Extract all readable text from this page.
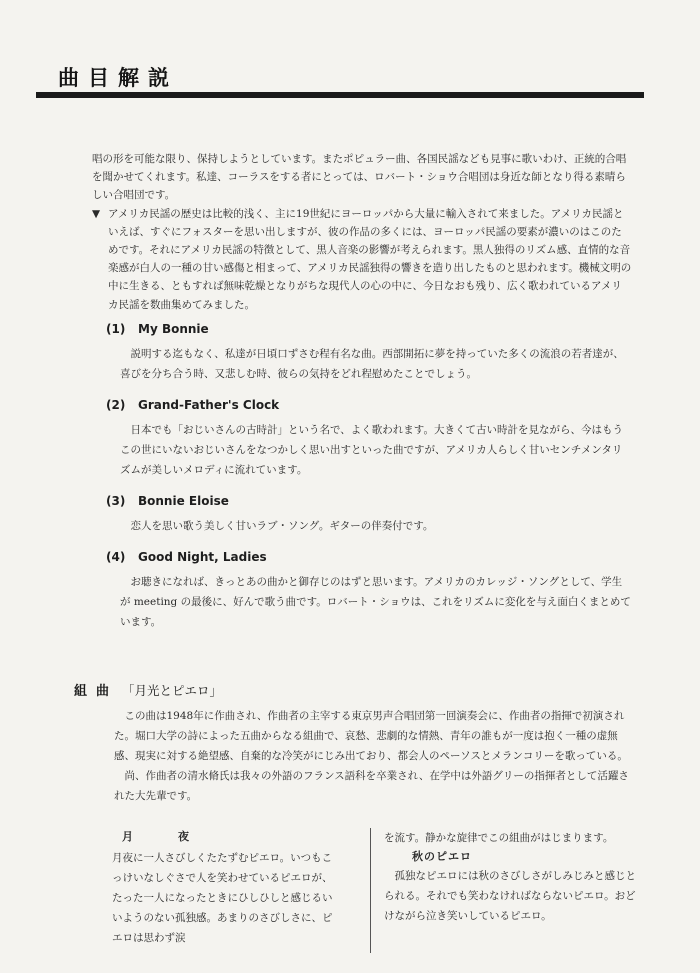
曲目解説

唱の形を可能な限り、保持しようとしています。またポピュラー曲、各国民謡なども見事に歌いわけ、正統的合唱を聞かせてくれます。私達、コーラスをする者にとっては、ロバート・ショウ合唱団は身近な師となり得る素晴らしい合唱団です。

▼ アメリカ民謡の歴史は比較的浅く、主に19世紀にヨーロッパから大量に輸入されて来ました。アメリカ民謡といえば、すぐにフォスターを思い出しますが、彼の作品の多くには、ヨーロッパ民謡の要素が濃いのはこのためです。それにアメリカ民謡の特徴として、黒人音楽の影響が考えられます。黒人独得のリズム感、直情的な音楽感が白人の一種の甘い感傷と相まって、アメリカ民謡独得の響きを造り出したものと思われます。機械文明の中に生きる、ともすれば無味乾燥となりがちな現代人の心の中に、今日なおも残り、広く歌われているアメリカ民謡を数曲集めてみました。

(1)	My Bonnie

説明する迄もなく、私達が日頃口ずさむ程有名な曲。西部開拓に夢を持っていた多くの流浪の若者達が、喜びを分ち合う時、又悲しむ時、彼らの気持をどれ程慰めたことでしょう。

(2)	Grand-Father's Clock

日本でも「おじいさんの古時計」という名で、よく歌われます。大きくて古い時計を見ながら、今はもうこの世にいないおじいさんをなつかしく思い出すといった曲ですが、アメリカ人らしく甘いセンチメンタリズムが美しいメロディに流れています。

(3)	Bonnie Eloise

恋人を思い歌う美しく甘いラブ・ソング。ギターの伴奏付です。

(4)	Good Night, Ladies

お聴きになれば、きっとあの曲かと御存じのはずと思います。アメリカのカレッジ・ソングとして、学生が meeting の最後に、好んで歌う曲です。ロバート・ショウは、これをリズムに変化を与え面白くまとめています。

組曲 「月光とピエロ」

この曲は1948年に作曲され、作曲者の主宰する東京男声合唱団第一回演奏会に、作曲者の指揮で初演された。堀口大学の詩によった五曲からなる組曲で、哀愁、悲劇的な情熱、青年の誰もが一度は抱く一種の虚無感、現実に対する絶望感、自棄的な冷笑がにじみ出ており、都会人のペーソスとメランコリーを歌っている。

尚、作曲者の清水脩氏は我々の外語のフランス語科を卒業され、在学中は外語グリーの指揮者として活躍された大先輩です。

月	夜

月夜に一人さびしくたたずむピエロ。いつもこっけいなしぐさで人を笑わせているピエロが、たった一人になったときにひしひしと感じるいいようのない孤独感。あまりのさびしさに、ピエロは思わず涙

を流す。静かな旋律でこの組曲がはじまります。

秋のピエロ

孤独なピエロには秋のさびしさがしみじみと感じとられる。それでも笑わなければならないピエロ。おどけながら泣き笑いしているピエロ。
